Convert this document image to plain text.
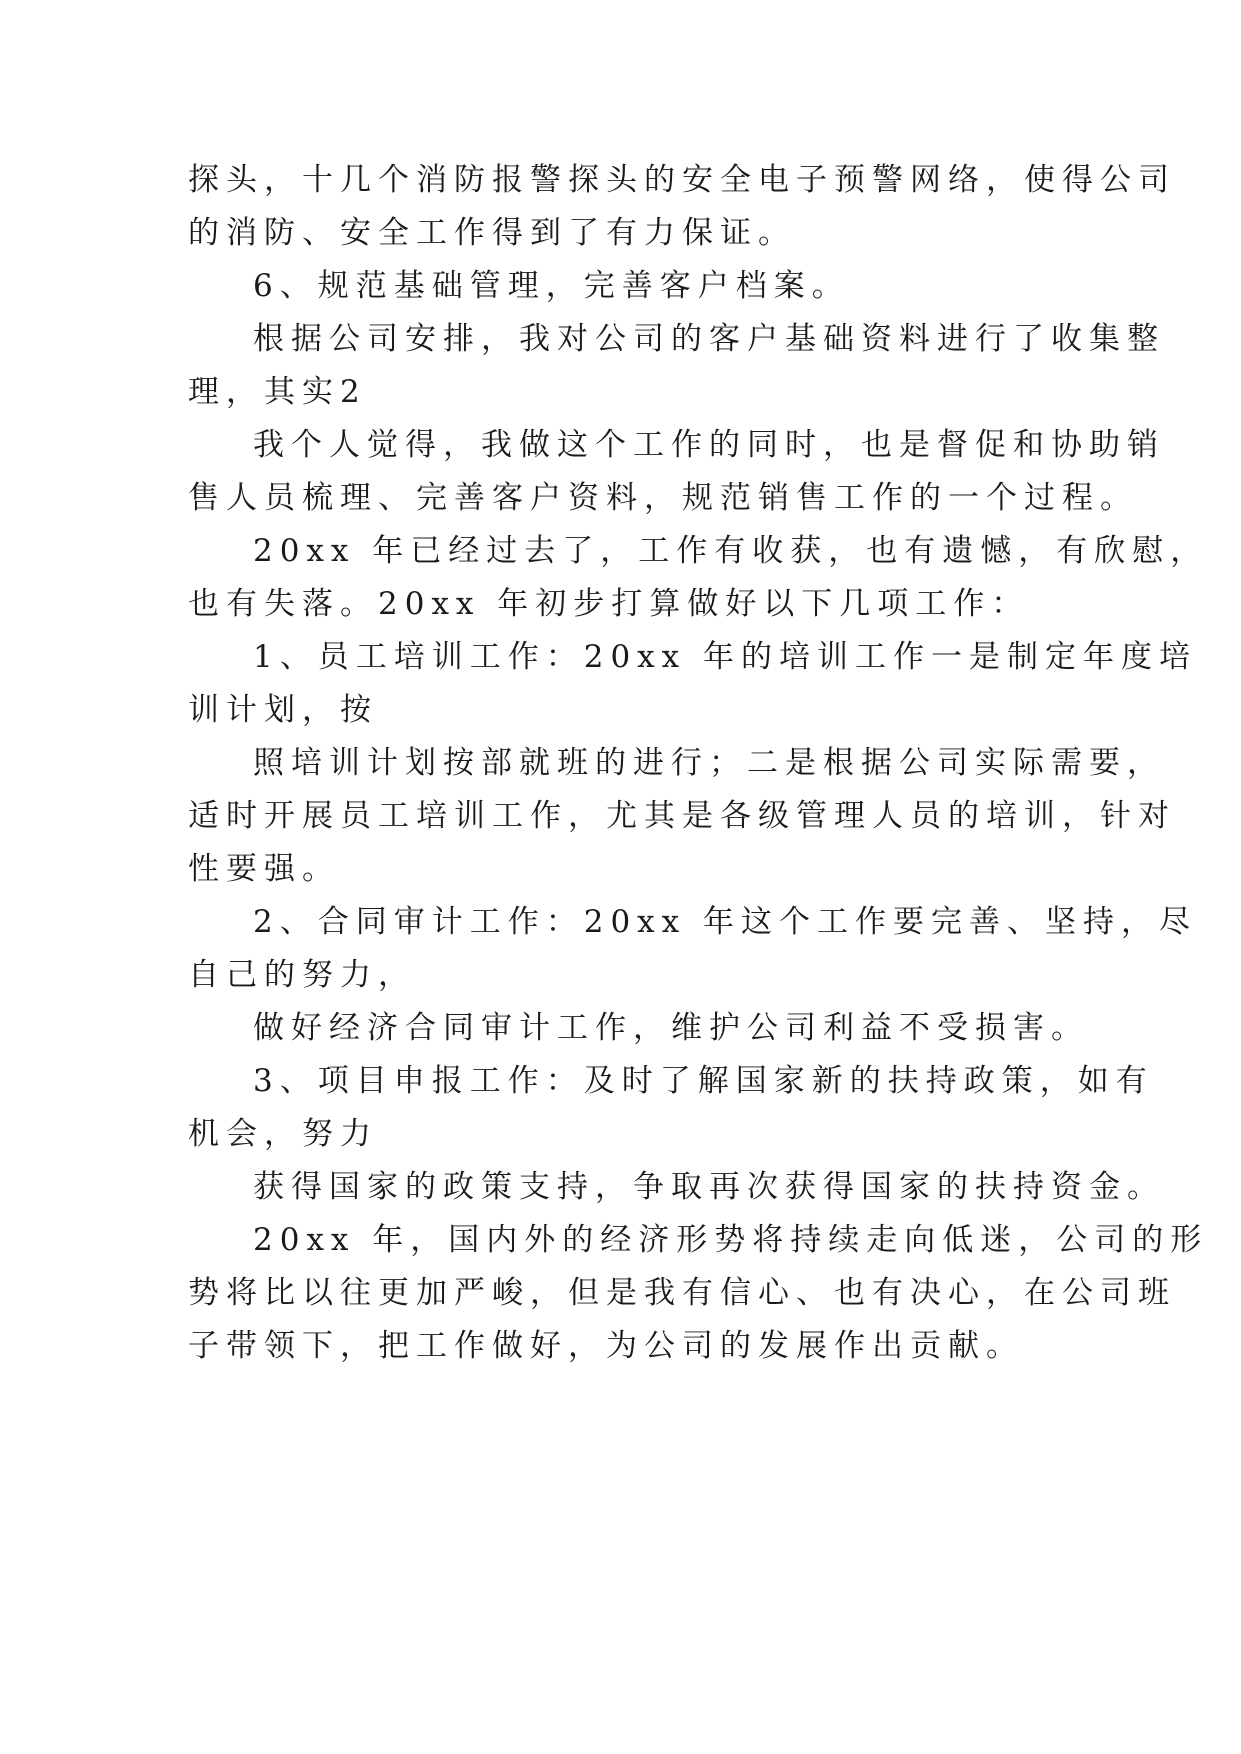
探头，十几个消防报警探头的安全电子预警网络，使得公司
的消防、安全工作得到了有力保证。
6、规范基础管理，完善客户档案。
根据公司安排，我对公司的客户基础资料进行了收集整
理，其实2
我个人觉得，我做这个工作的同时，也是督促和协助销
售人员梳理、完善客户资料，规范销售工作的一个过程。
20xx 年已经过去了，工作有收获，也有遗憾，有欣慰，
也有失落。20xx 年初步打算做好以下几项工作：
1、员工培训工作：20xx 年的培训工作一是制定年度培
训计划，按
照培训计划按部就班的进行；二是根据公司实际需要，
适时开展员工培训工作，尤其是各级管理人员的培训，针对
性要强。
2、合同审计工作：20xx 年这个工作要完善、坚持，尽
自己的努力，
做好经济合同审计工作，维护公司利益不受损害。
3、项目申报工作：及时了解国家新的扶持政策，如有
机会，努力
获得国家的政策支持，争取再次获得国家的扶持资金。
20xx 年，国内外的经济形势将持续走向低迷，公司的形
势将比以往更加严峻，但是我有信心、也有决心，在公司班
子带领下，把工作做好，为公司的发展作出贡献。
